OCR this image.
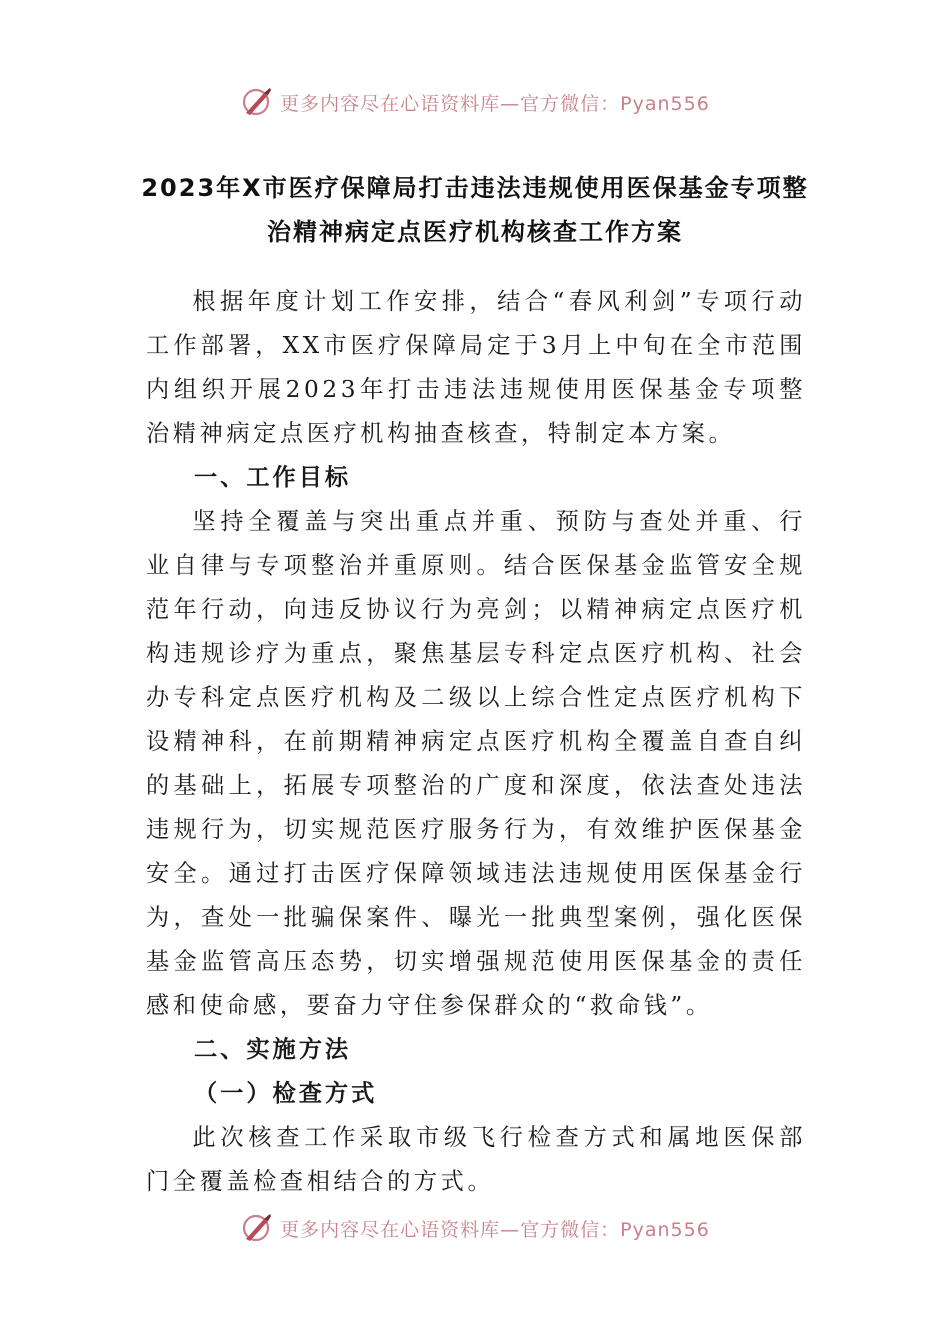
更多内容尽在心语资料库—官方微信：Pyan556
2023年X市医疗保障局打击违法违规使用医保基金专项整
治精神病定点医疗机构核查工作方案

根据年度计划工作安排，结合“春风利剑”专项行动工作部署，XX市医疗保障局定于3月上中旬在全市范围内组织开展2023年打击违法违规使用医保基金专项整治精神病定点医疗机构抽查核查，特制定本方案。

一、工作目标

坚持全覆盖与突出重点并重、预防与查处并重、行业自律与专项整治并重原则。结合医保基金监管安全规范年行动，向违反协议行为亮剑；以精神病定点医疗机构违规诊疗为重点，聚焦基层专科定点医疗机构、社会办专科定点医疗机构及二级以上综合性定点医疗机构下设精神科，在前期精神病定点医疗机构全覆盖自查自纠的基础上，拓展专项整治的广度和深度，依法查处违法违规行为，切实规范医疗服务行为，有效维护医保基金安全。通过打击医疗保障领域违法违规使用医保基金行为，查处一批骗保案件、曝光一批典型案例，强化医保基金监管高压态势，切实增强规范使用医保基金的责任感和使命感，要奋力守住参保群众的“救命钱”。

二、实施方法
（一）检查方式

此次核查工作采取市级飞行检查方式和属地医保部门全覆盖检查相结合的方式。

更多内容尽在心语资料库—官方微信：Pyan556
